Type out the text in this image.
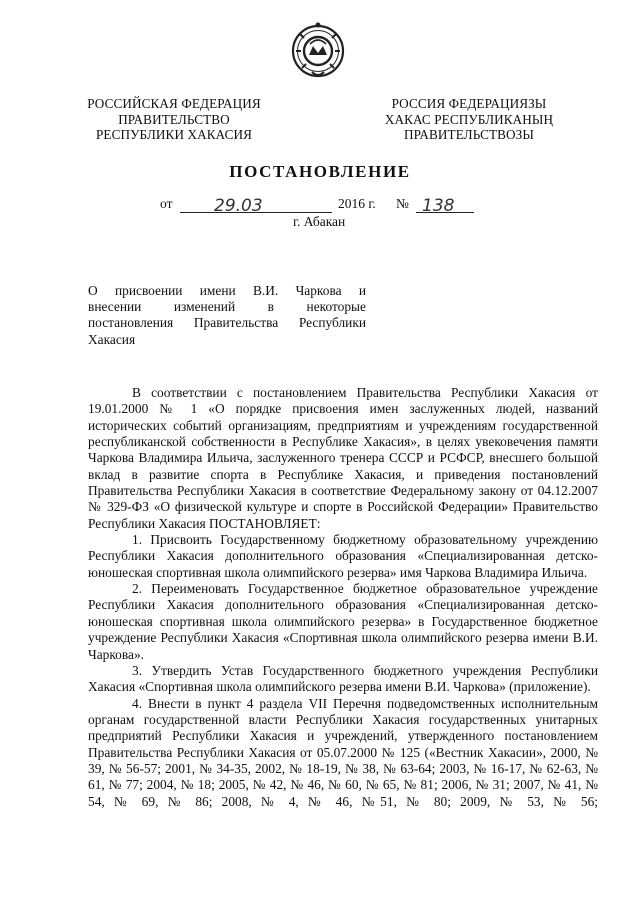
РОССИЙСКАЯ ФЕДЕРАЦИЯ
ПРАВИТЕЛЬСТВО
РЕСПУБЛИКИ ХАКАСИЯ
РОССИЯ ФЕДЕРАЦИЯЗЫ
ХАКАС РЕСПУБЛИКАНЫҢ
ПРАВИТЕЛЬСТВОЗЫ
ПОСТАНОВЛЕНИЕ
от 29.03	2016 г. № 138
г. Абакан
О присвоении имени В.И. Чаркова и
внесении изменений в некоторые
постановления Правительства Республики
Хакасия

В соответствии с постановлением Правительства Республики Хакасия от 19.01.2000 № 1 «О порядке присвоения имен заслуженных людей, названий исторических событий организациям, предприятиям и учреждениям государственной республиканской собственности в Республике Хакасия», в целях увековечения памяти Чаркова Владимира Ильича, заслуженного тренера СССР и РСФСР, внесшего большой вклад в развитие спорта в Республике Хакасия, и приведения постановлений Правительства Республики Хакасия в соответствие Федеральному закону от 04.12.2007 № 329-ФЗ «О физической культуре и спорте в Российской Федерации» Правительство Республики Хакасия ПОСТАНОВЛЯЕТ:

1. Присвоить Государственному бюджетному образовательному учреждению Республики Хакасия дополнительного образования «Специализированная детско-юношеская спортивная школа олимпийского резерва» имя Чаркова Владимира Ильича.

2. Переименовать Государственное бюджетное образовательное учреждение Республики Хакасия дополнительного образования «Специализированная детско-юношеская спортивная школа олимпийского резерва» в Государственное бюджетное учреждение Республики Хакасия «Спортивная школа олимпийского резерва имени В.И. Чаркова».

3. Утвердить Устав Государственного бюджетного учреждения Республики Хакасия «Спортивная школа олимпийского резерва имени В.И. Чаркова» (приложение).

4. Внести в пункт 4 раздела VII Перечня подведомственных исполнительным органам государственной власти Республики Хакасия государственных унитарных предприятий Республики Хакасия и учреждений, утвержденного постановлением Правительства Республики Хакасия от 05.07.2000 № 125 («Вестник Хакасии», 2000, № 39, № 56-57; 2001, № 34-35, 2002, № 18-19, № 38, № 63-64; 2003, № 16-17, № 62-63, № 61, № 77; 2004, № 18; 2005, № 42, № 46, № 60, № 65, № 81; 2006, № 31; 2007, № 41, № 54, № 69, № 86; 2008, № 4, № 46, №51, № 80; 2009, № 53, № 56;
